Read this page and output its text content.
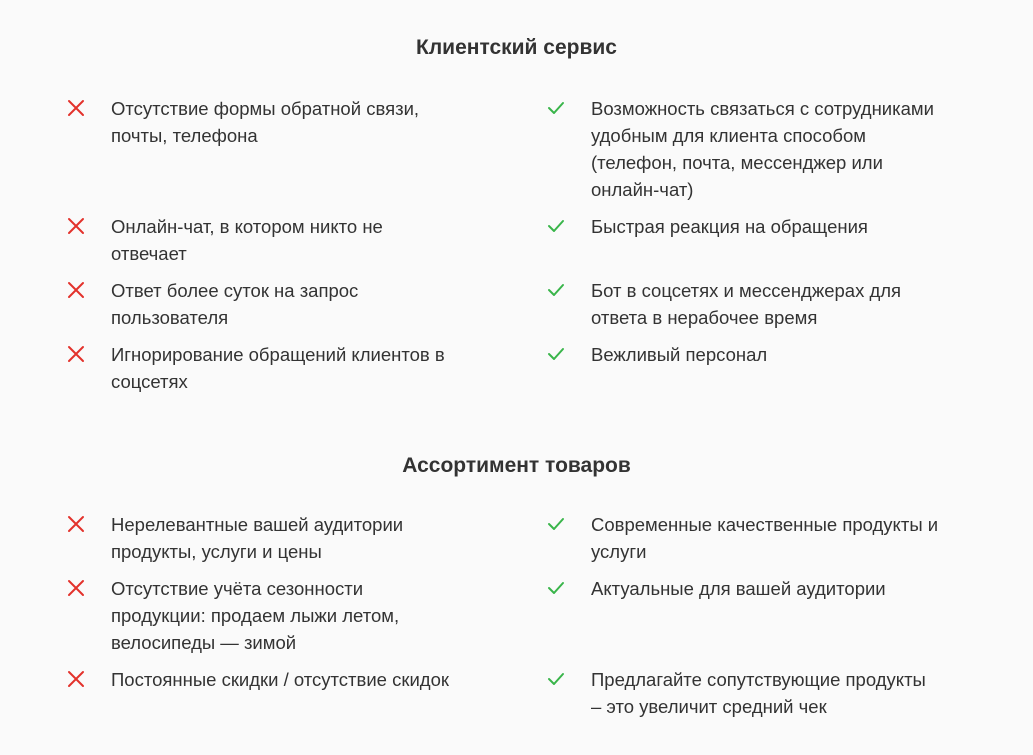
Клиентский сервис
Отсутствие формы обратной связи,
почты, телефона
Онлайн-чат, в котором никто не
отвечает
Ответ более суток на запрос
пользователя
Игнорирование обращений клиентов в
соцсетях
Возможность связаться с сотрудниками
удобным для клиента способом
(телефон, почта, мессенджер или
онлайн-чат)
Быстрая реакция на обращения
Бот в соцсетях и мессенджерах для
ответа в нерабочее время
Вежливый персонал
Ассортимент товаров
Нерелевантные вашей аудитории
продукты, услуги и цены
Отсутствие учёта сезонности
продукции: продаем лыжи летом,
велосипеды — зимой
Постоянные скидки / отсутствие скидок
Современные качественные продукты и
услуги
Актуальные для вашей аудитории
Предлагайте сопутствующие продукты
– это увеличит средний чек
